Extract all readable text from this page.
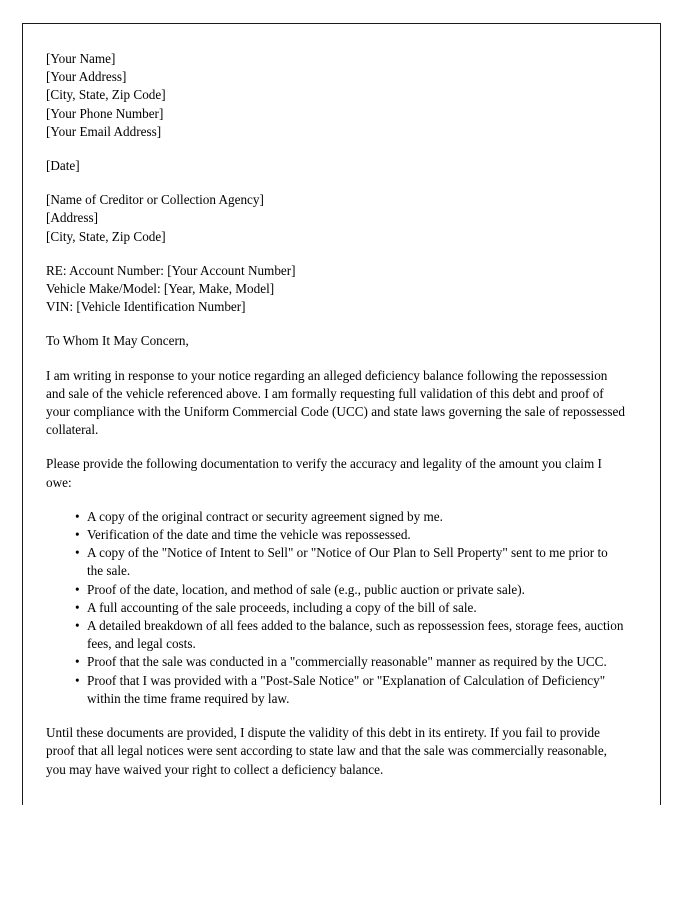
[Your Name]
[Your Address]
[City, State, Zip Code]
[Your Phone Number]
[Your Email Address]
[Date]
[Name of Creditor or Collection Agency]
[Address]
[City, State, Zip Code]
RE: Account Number: [Your Account Number]
Vehicle Make/Model: [Year, Make, Model]
VIN: [Vehicle Identification Number]
To Whom It May Concern,
I am writing in response to your notice regarding an alleged deficiency balance following the repossession and sale of the vehicle referenced above. I am formally requesting full validation of this debt and proof of your compliance with the Uniform Commercial Code (UCC) and state laws governing the sale of repossessed collateral.
Please provide the following documentation to verify the accuracy and legality of the amount you claim I owe:
• A copy of the original contract or security agreement signed by me.
• Verification of the date and time the vehicle was repossessed.
• A copy of the "Notice of Intent to Sell" or "Notice of Our Plan to Sell Property" sent to me prior to the sale.
• Proof of the date, location, and method of sale (e.g., public auction or private sale).
• A full accounting of the sale proceeds, including a copy of the bill of sale.
• A detailed breakdown of all fees added to the balance, such as repossession fees, storage fees, auction fees, and legal costs.
• Proof that the sale was conducted in a "commercially reasonable" manner as required by the UCC.
• Proof that I was provided with a "Post-Sale Notice" or "Explanation of Calculation of Deficiency" within the time frame required by law.
Until these documents are provided, I dispute the validity of this debt in its entirety. If you fail to provide proof that all legal notices were sent according to state law and that the sale was commercially reasonable, you may have waived your right to collect a deficiency balance.
